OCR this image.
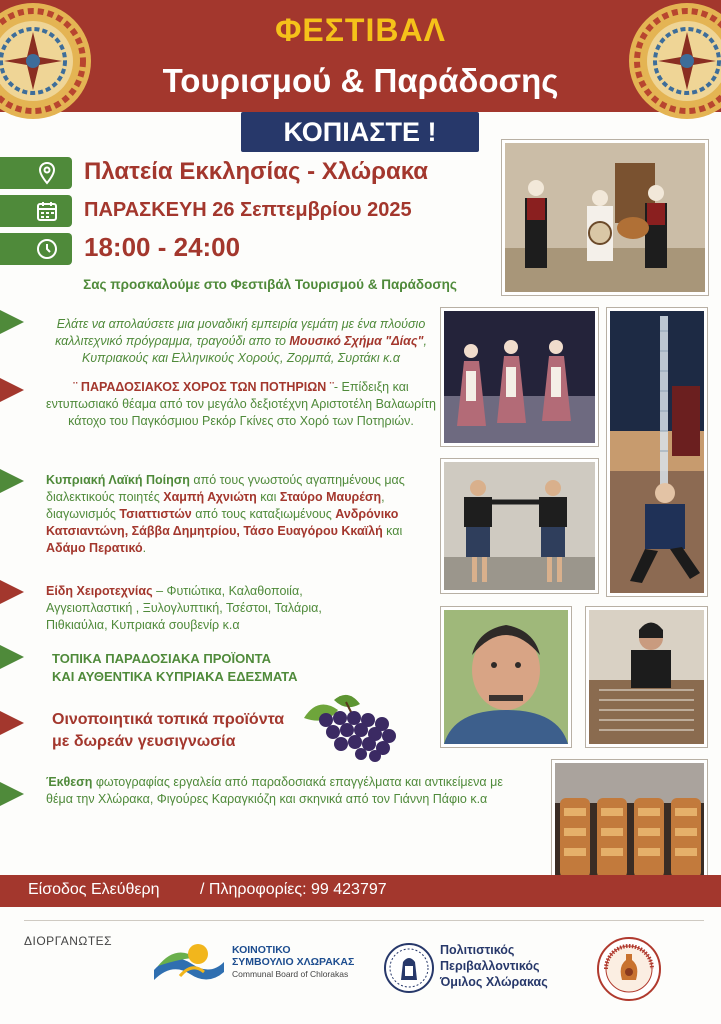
ΦΕΣΤΙΒΑΛ
Τουρισμού & Παράδοσης
ΚΟΠΙΑΣΤΕ !
Πλατεία Εκκλησίας - Χλώρακα
ΠΑΡΑΣΚΕΥΗ 26 Σεπτεμβρίου 2025
18:00 - 24:00
Σας προσκαλούμε στο Φεστιβάλ Τουρισμού & Παράδοσης
Ελάτε να απολαύσετε μια μοναδική εμπειρία γεμάτη με ένα πλούσιο καλλιτεχνικό πρόγραμμα, τραγούδι απο το Μουσικό Σχήμα "Δίας", Κυπριακούς και Ελληνικούς Χορούς, Ζορμπά, Συρτάκι κ.α
¨ ΠΑΡΑΔΟΣΙΑΚΟΣ ΧΟΡΟΣ ΤΩΝ ΠΟΤΗΡΙΩΝ ¨- Επίδειξη και εντυπωσιακό θέαμα από τον μεγάλο δεξιοτέχνη Αριστοτέλη Βαλαωρίτη κάτοχο του Παγκόσμιου Ρεκόρ Γκίνες στο Χορό των Ποτηριών.
Κυπριακή Λαϊκή Ποίηση από τους γνωστούς αγαπημένους μας διαλεκτικούς ποιητές Χαμπή Αχνιώτη και Σταύρο Μαυρέση, διαγωνισμός Τσιαττιστών από τους καταξιωμένους Ανδρόνικο Κατσιαντώνη, Σάββα Δημητρίου, Τάσο Ευαγόρου Κκαϊλή και Αδάμο Περατικό.
Είδη Χειροτεχνίας – Φυτιώτικα, Καλαθοποιία, Αγγειοπλαστική , Ξυλογλυπτική, Τσέστοι, Ταλάρια, Πιθκιαύλια, Κυπριακά σουβενίρ κ.α
ΤΟΠΙΚΑ ΠΑΡΑΔΟΣΙΑΚΑ ΠΡΟΪΟΝΤΑ
ΚΑΙ ΑΥΘΕΝΤΙΚΑ ΚΥΠΡΙΑΚΑ ΕΔΕΣΜΑΤΑ
Οινοποιητικά τοπικά προϊόντα
με δωρεάν γευσιγνωσία
Έκθεση φωτογραφίας εργαλεία από παραδοσιακά επαγγέλματα και αντικείμενα με θέμα την Χλώρακα, Φιγούρες Καραγκιόζη και σκηνικά από τον Γιάννη Πάφιο κ.α
Είσοδος Ελεύθερη	/ Πληροφορίες: 99 423797
ΔΙΟΡΓΑΝΩΤΕΣ
ΚΟΙΝΟΤΙΚΟ
ΣΥΜΒΟΥΛΙΟ ΧΛΩΡΑΚΑΣ
Communal Board of Chlorakas
Πολιτιστικός
Περιβαλλοντικός
Όμιλος Χλώρακας
